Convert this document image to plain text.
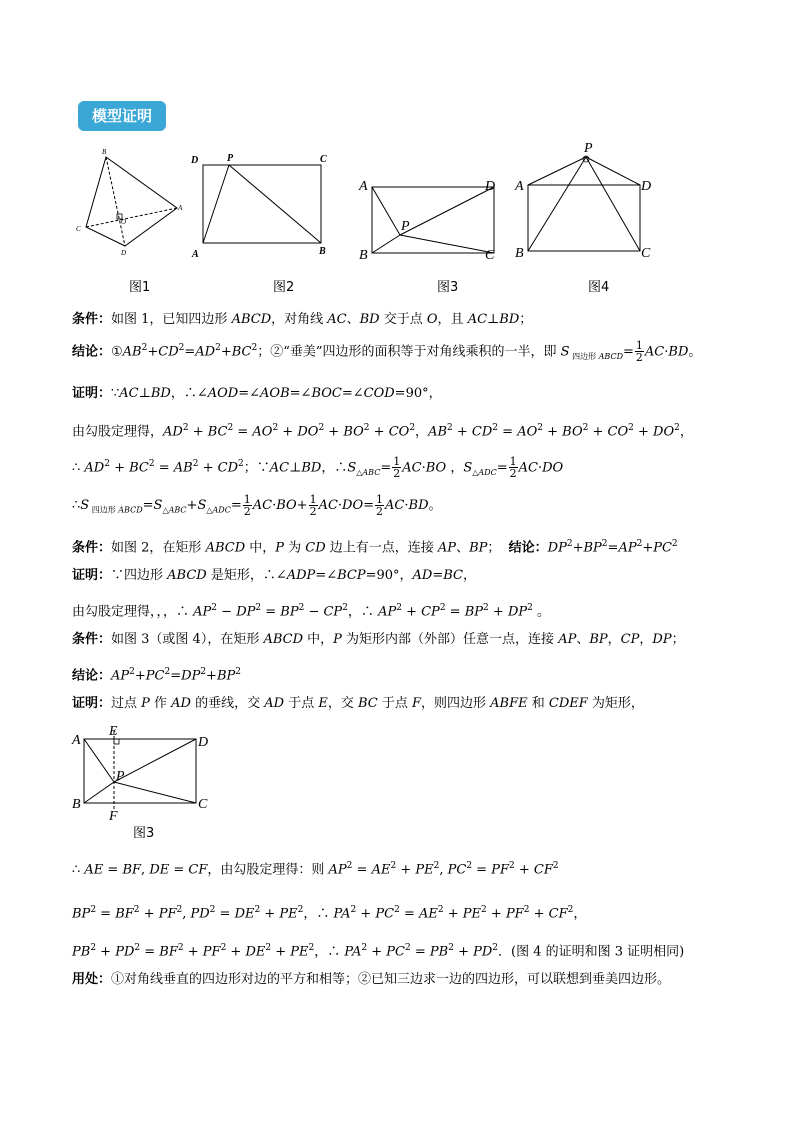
模型证明
B
A
C
D
O
图1
D	P	C
A	B
图2
A	D
B	C
P
图3
A	D
B	C
P
图4
条件：如图 1，已知四边形 ABCD，对角线 AC、BD 交于点 O，且 AC⊥BD；
结论：$①AB^2+CD^2=AD^2+BC^2$；②“垂美”四边形的面积等于对角线乘积的一半，即 S $_{四边形 ABCD}= \frac{1}{2} AC\cdot BD$。
证明：∵AC⊥BD，∴∠AOD=∠AOB=∠BOC=∠COD=90°，
由勾股定理得，$AD^2 + BC^2 = AO^2 + DO^2 + BO^2 + CO^2$，$AB^2 + CD^2 = AO^2 + BO^2 + CO^2 + DO^2$，
∴ $AD^2 + BC^2 = AB^2 + CD^2$；∵AC⊥BD，$\therefore S_{\triangle ABC}= \frac{1}{2} AC\cdot BO$ ，$S_{\triangle ADC}= \frac{1}{2} AC\cdot DO$
∴S $_{四边形 ABCD}=S_{\triangle ABC}+S_{\triangle ADC}= \frac{1}{2} AC\cdot BO+ \frac{1}{2} AC\cdot DO= \frac{1}{2} AC\cdot BD$。
条件：如图 2，在矩形 ABCD 中，P 为 CD 边上有一点，连接 AP、BP；  结论：$DP^2+BP^2=AP^2+PC^2$
证明：∵四边形 ABCD 是矩形，∴∠ADP=∠BCP=90°，AD=BC，
由勾股定理得，，，∴ $AP^2 - DP^2 = BP^2 - CP^2$，∴ $AP^2 + CP^2 = BP^2 + DP^2$ 。
条件：如图 3（或图 4），在矩形 ABCD 中，P 为矩形内部（外部）任意一点，连接 AP、BP，CP，DP；
结论：$AP^2+PC^2=DP^2+BP^2$
证明：过点 P 作 AD 的垂线，交 AD 于点 E，交 BC 于点 F，则四边形 ABFE 和 CDEF 为矩形，
A	D
B	C
E
F
P
图3
∴ AE = BF, DE = CF，由勾股定理得：则 $AP^2 = AE^2 + PE^2$, $PC^2 = PF^2 + CF^2$
$BP^2 = BF^2 + PF^2$, $PD^2 = DE^2 + PE^2$，∴ $PA^2 + PC^2 = AE^2 + PE^2 + PF^2 + CF^2$，
$PB^2 + PD^2 = BF^2 + PF^2 + DE^2 + PE^2$，∴ $PA^2 + PC^2 = PB^2 + PD^2$．(图 4 的证明和图 3 证明相同)
用处：①对角线垂直的四边形对边的平方和相等；②已知三边求一边的四边形，可以联想到垂美四边形。
